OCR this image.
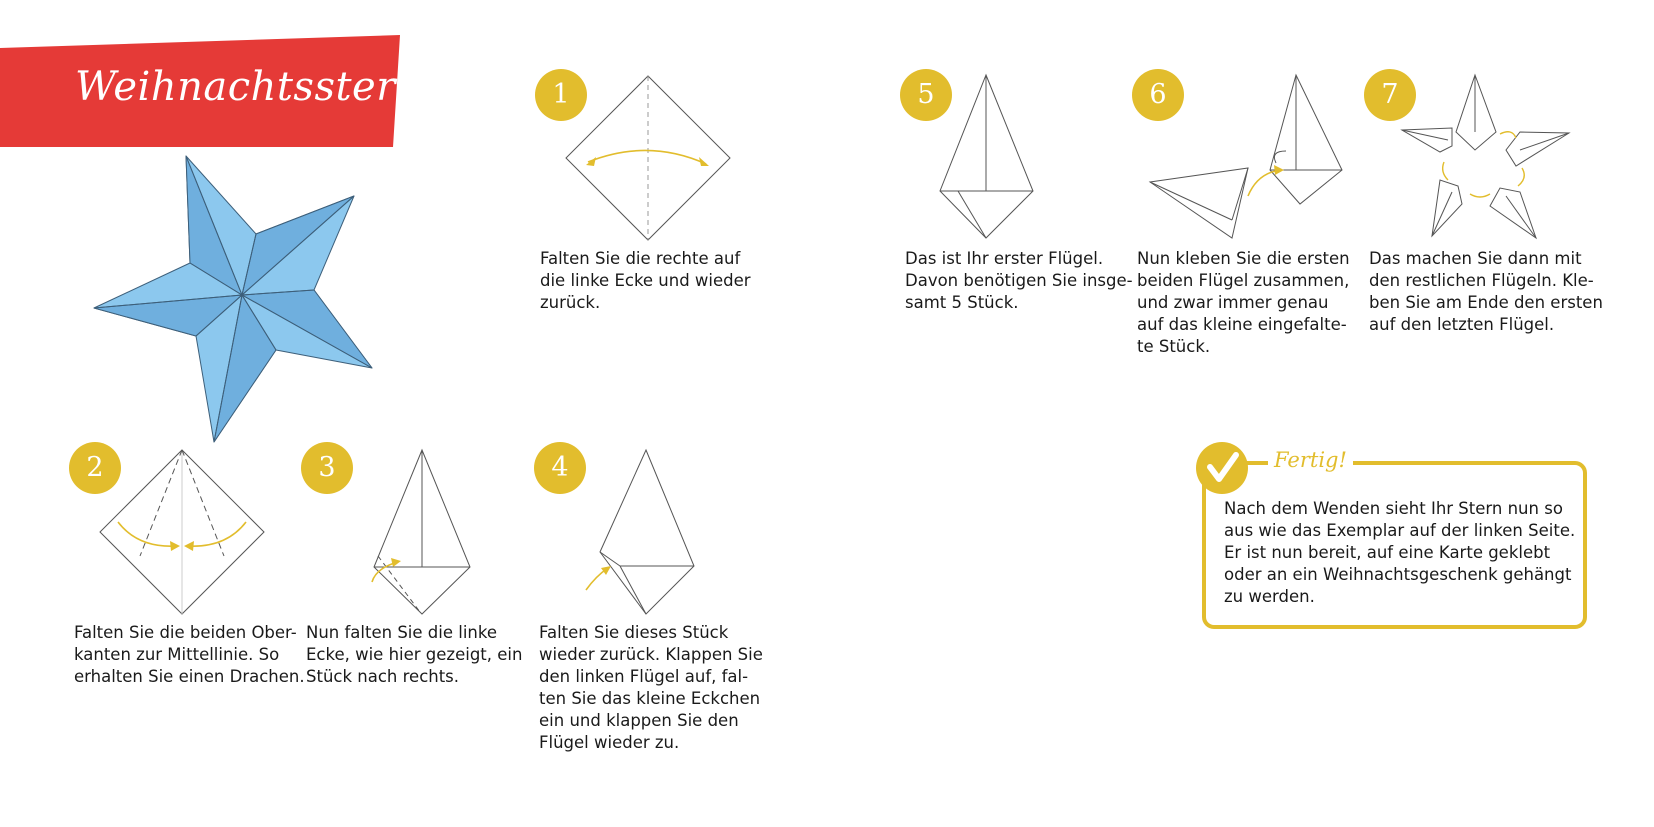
Weihnachtsstern	1
Falten Sie die rechte auf
die linke Ecke und wieder
zurück.
5
Das ist Ihr erster Flügel.
Davon benötigen Sie insge-
samt 5 Stück.
6
Nun kleben Sie die ersten
beiden Flügel zusammen,
und zwar immer genau
auf das kleine eingefalte-
te Stück.
7
Das machen Sie dann mit
den restlichen Flügeln. Kle-
ben Sie am Ende den ersten
auf den letzten Flügel.
2
Falten Sie die beiden Ober-
kanten zur Mittellinie. So
erhalten Sie einen Drachen.
3
Nun falten Sie die linke
Ecke, wie hier gezeigt, ein
Stück nach rechts.
4
Falten Sie dieses Stück
wieder zurück. Klappen Sie
den linken Flügel auf, fal-
ten Sie das kleine Eckchen
ein und klappen Sie den
Flügel wieder zu.
Fertig!
Nach dem Wenden sieht Ihr Stern nun so
aus wie das Exemplar auf der linken Seite.
Er ist nun bereit, auf eine Karte geklebt
oder an ein Weihnachtsgeschenk gehängt
zu werden.
